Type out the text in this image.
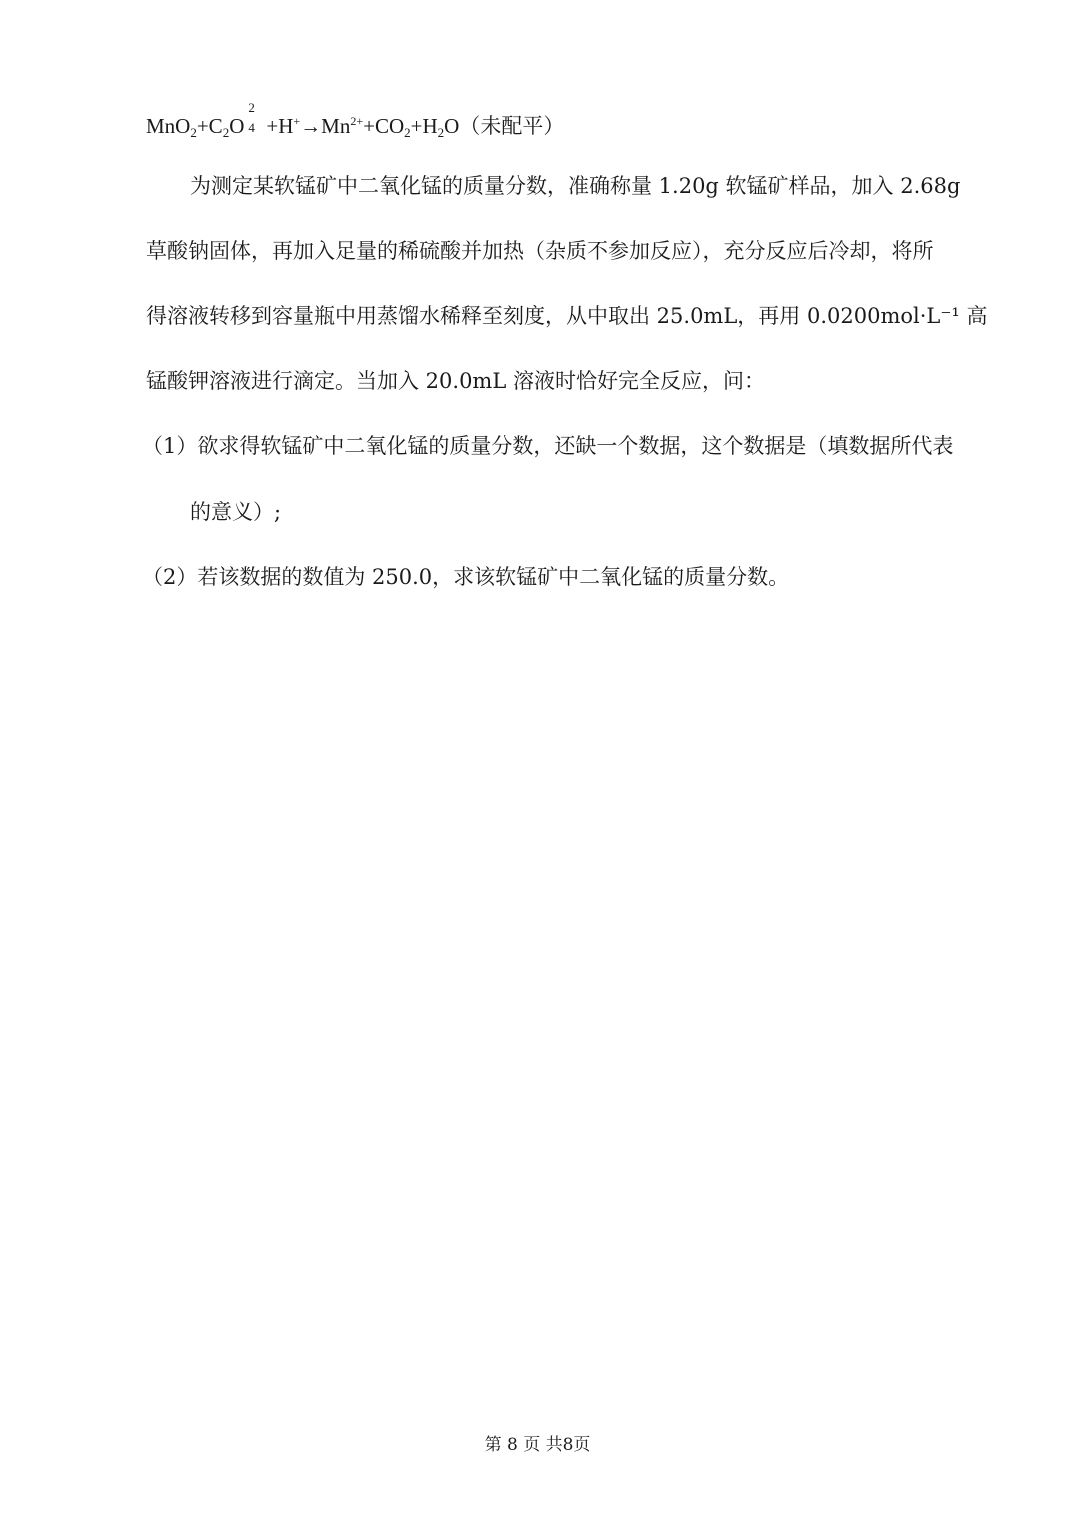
$MnO_2+C_2O$
2
$4 +H^+\to Mn^{2+}+CO_2+H_2O$（未配平）
为测定某软锰矿中二氧化锰的质量分数，准确称量 1.20g 软锰矿样品，加入 2.68g
草酸钠固体，再加入足量的稀硫酸并加热（杂质不参加反应），充分反应后冷却，将所
得溶液转移到容量瓶中用蒸馏水稀释至刻度，从中取出 25.0mL，再用 0.0200mol·L⁻¹ 高
锰酸钾溶液进行滴定。当加入 20.0mL 溶液时恰好完全反应，问：
（1）欲求得软锰矿中二氧化锰的质量分数，还缺一个数据，这个数据是（填数据所代表
的意义）;
（2）若该数据的数值为 250.0，求该软锰矿中二氧化锰的质量分数。
第 8 页 共8页
